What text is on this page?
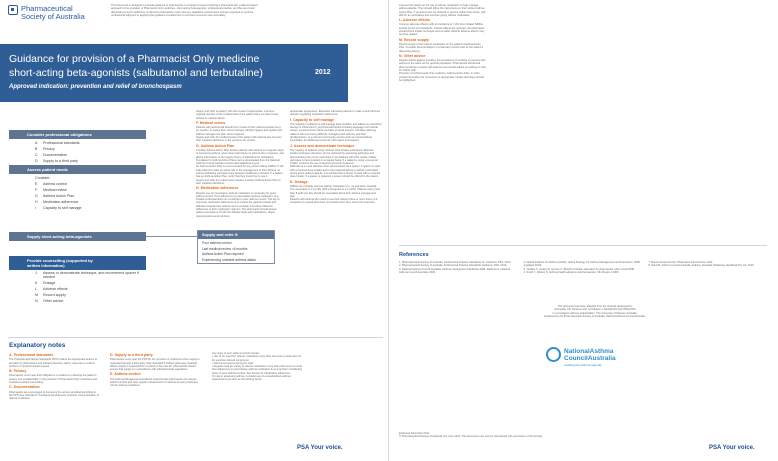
Pharmaceutical
Society of Australia
This document is designed to provide guidance to pharmacists on a range of issues including a pharmacist-led, evidence-based approach to the provision of Pharmacist Only medicines, short-acting beta-agonists, professional practice, and the use of and dispensing of such medicines. At all times pharmacists must meet any legislative requirements and are expected to exercise professional judgment in applying the guidance provided here to promote consumer care and safety.
Guidance for provision of a Pharmacist Only medicine
short-acting beta-agonists (salbutamol and terbutaline)	2012
Approved indication: prevention and relief of bronchospasm
Consider professional obligations
A Professional standards
B Privacy
C Documentation
D Supply to a third party
Assess patient needs
Consider:
E Asthma control
F Medical review
G Asthma Action Plan
H Medication adherence
I Capacity to self manage
Supply short-acting beta-agonists
Provide counselling (supported by
written information)
J Assess or demonstrate technique, and recommend spacer if needed
K Dosage
L Adverse effects
M Record supply
N Other advice
Supply and refer if:
Poor asthma control
Last medical review >6 months
Asthma Action Plan required
Experiencing unstable asthma attack
Supply and refer to patient, with the consent if appropriate, a local or regional member of the medical team if the patient does not have timely access to medical advice.
F. Medical review
Patients with asthma will benefit from review of their asthma at least every six months, to review their current therapy, identify triggers and update their asthma management plan where required.
Supply and refer for medical review if the patient with asthma has not seen their medical practitioner in the previous six months.
G. Asthma Action Plan
A written Asthma Action Plan assists patients with asthma to recognise signs of worsening asthma, gives clear instructions on what to do in response, and allows information on the supply history of salbutamol or terbutaline. Templates for Asthma Action Plans can be downloaded from the National Asthma Council website at www.nationalasthma.org.au.
An Asthma Action Plan is recommended for any person taking SABAs. It will help patients to take an active role in the management of their asthma, as well as facilitating consistent care between healthcare providers. If a patient has an Asthma Action Plan, verify that they know how to use it.
Supply and refer any patient who requires a written Asthma Action Plan to their medical practitioner.
H. Medication adherence
Regular use of preventative asthma medication is necessary for good asthma control. Poor adherence to preventative asthma medication (e.g. inhaled corticosteroids) can contribute to poor asthma control. The key to improving medication adherence is to explore the patient's beliefs and attitudes towards their asthma and to consider how these influence adherence to their medication regimen. The pharmacist should assess patient perceptions of both the disease state and medications, dispel misconceptions and reinforce
appropriate perceptions. Education will assist patients to make a well informed decision regarding medication adherence.
I. Capacity to self manage
The capacity of patients to self manage their condition and adhere to prescribed therapy is influenced by psychosocial factors including language and cultural issues, socioeconomic status and lack of social support. Consider referring patients who are having difficulty managing their asthma, and their families/carers, to a relevant community service such as a local Asthma Foundation for additional consumer information and support.
J. Assess and demonstrate technique
The majority of patients using metered dose inhaler techniques. Effective inhaler technique education can be achieved by assessing technique and demonstrating the correct technique in accordance with their needs. Inhaler technique is best revisited on a regular basis. If a patient is using a preventer inhaler, reinforce the use of aerosol preventer treatment.
Salbutamol is more effective when administered via a spacer. A spacer is used with a metered dose inhaler and is the preferred delivery method, particularly during acute asthma attacks. It is advised that a spacer is used with a metered dose inhaler. If a spacer is required, a spacer should be offered to the patient.
K. Dosage
SABAs are primarily used as reliever medication (i.e. as and when needed). The usual dose is 1-2 puffs (100 micrograms to 1-2 puffs). Patients using more than 8 puffs per day should be counselled about their asthma management plan.
Patients with asthma who need to use their reliever three or more times (1-2 occasions in a week (this does not include when they need it for exercise).
Explanatory notes
A. Professional standards
The Professional Practice Standards (PPS) outline the appropriate actions to be taken by pharmacists and trained pharmacy staff in response to a direct product or symptom-based request.
B. Privacy
Pharmacists must meet their obligations in relation to protecting the patient's privacy and confidentiality in the provision of Pharmacist Only medicines and consistent patient counselling.
C. Documentation
Pharmacists are encouraged to document the service provided according to the PPS (see Standard 5: Fundamental pharmacy practice). Documentation of referral is advised.
D. Supply to a third party
Pharmacists must meet the PPS for the provision of medicines when supply is requested through a third party (See Standard 5 Indirect pharmacy practice). Where supply is requested for a school or day care kit, pharmacists should ensure that supply is in accordance with individual state regulations.
E. Asthma control
The Asthma Management Handbook supports that pharmacists can assess asthma control and refer regular reassessment of asthma at every pharmacy visit for asthma medicines.
Key signs of poor asthma control include:
• Use of (or need for) reliever medication more than two times a week (but not for exercise induced symptoms)
• Asthma symptoms during the night
• Regular need for supply of reliever medication more often than once a month.
Non-adherence to preventative asthma medication is an important contributing factor to poor asthma control. See Section H: Medication adherence.
To help in assessing asthma, consider use of a standardised asthma assessment tool such as the Asthma Score.
PSA Your voice.
Counsel the patient on the use of reliever medication to help manage asthma attacks. They should follow the instructions on their written Asthma Action Plan. If symptoms are not relieved or reoccur within three hours, call 000 for an ambulance and continue giving reliever medication.
L. Adverse effects
Common adverse effects (with an incidence of >1%) from inhaled SABAs include tremor and headache. If these effects are reported, the pharmacist should check inhaler technique and consider whether adverse effects may be dose related.
M. Record supply
Record supply of the reliever medication on the patient's Asthma Action Plan. Consider documentation in a pharmacy record such as the patient's dispensing history.
N. Other advice
Despite advice against smoking, the prevalence of smoking in persons with asthma is the same as the general population. Pharmacists should ask about smoking in people with asthma and provide advice on quitting or refer for further help.
Provision of a Pharmacist Only medicine, Asthma Action Plan, or other printed information for consumers is appropriate. Inhaler technique should be highlighted.
References
1. Pharmaceutical Society of Australia. Professional Practice Standards v4. Canberra: PSA, 2010.
2. Pharmaceutical Society of Australia. Professional Practice Standards Canberra: PSA, 2010.
3. National Asthma Council Australia. Asthma management handbook 2006. Melbourne: National Asthma Council Australia, 2006.
4. Global Initiative for Asthma (GINA). Global Strategy for Asthma Management and Prevention. 2009 (updated 2010).
5. Jenkins C, Hurley M, Armour C. Benefit of inhaler education by pharmacists. Med J Aust 2008.
6. Smith Y, Nilsson S. Asthma health advisers and pharmacists. Clin Respir J 2009.
7. Bosnic-Anticevich SZ. Pharmacist interventions. 2011.
8. Rand M. Asthma Council Australia. Asthma. Australia: Medicines Handbook Pty Ltd, 2010.
This document has been adapted from the protocol developed by
Schneider CR, Emerson LM, Goodhand J, Randall RA and Clifford RM
in consultation with key stakeholders, The University of Western Australia.
Endorsed by the Pharmaceutical Society of Australia, National Asthma Council Australia.
NationalAsthma
CouncilAustralia
Leading the asthma agenda
Endorsed November 2011
© Pharmaceutical Society of Australia Ltd, June 2012. This document may only be reproduced with permission of the Society.
PSA Your voice.
